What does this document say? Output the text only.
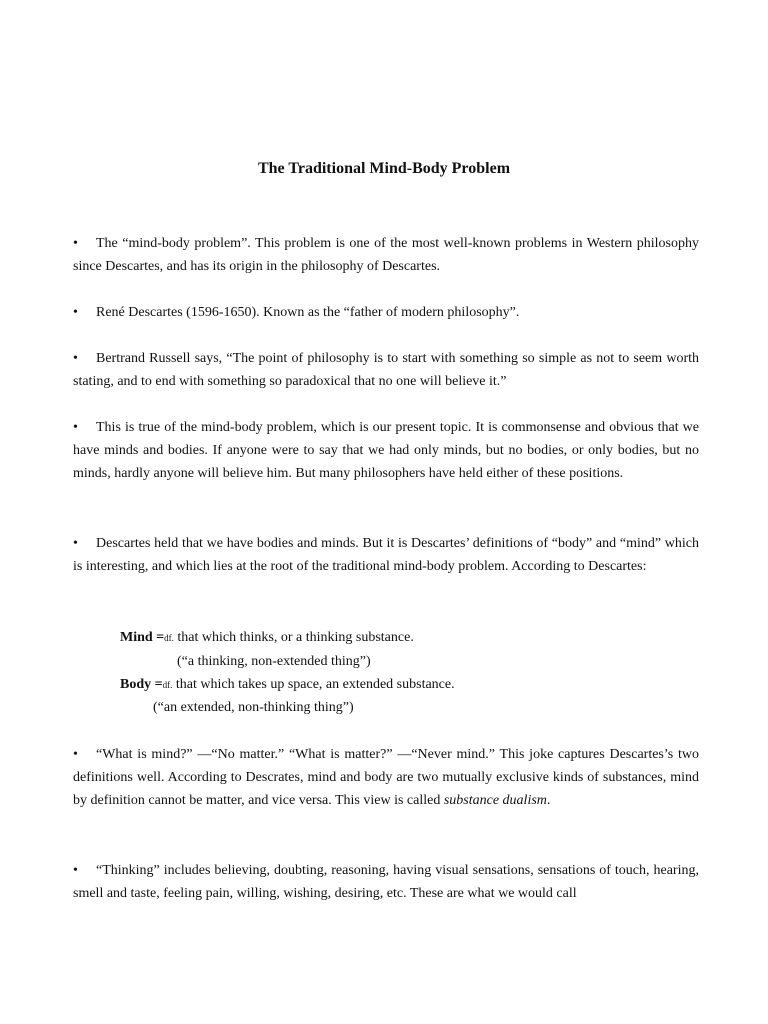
The Traditional Mind-Body Problem
• The “mind-body problem”. This problem is one of the most well-known problems in Western philosophy since Descartes, and has its origin in the philosophy of Descartes.
• René Descartes (1596-1650). Known as the “father of modern philosophy”.
• Bertrand Russell says, “The point of philosophy is to start with something so simple as not to seem worth stating, and to end with something so paradoxical that no one will believe it.”
• This is true of the mind-body problem, which is our present topic. It is commonsense and obvious that we have minds and bodies. If anyone were to say that we had only minds, but no bodies, or only bodies, but no minds, hardly anyone will believe him. But many philosophers have held either of these positions.
• Descartes held that we have bodies and minds. But it is Descartes’ definitions of “body” and “mind” which is interesting, and which lies at the root of the traditional mind-body problem. According to Descartes:
Mind =df. that which thinks, or a thinking substance.
(“a thinking, non-extended thing”)
Body =df. that which takes up space, an extended substance.
(“an extended, non-thinking thing”)
• “What is mind?” —“No matter.” “What is matter?” —“Never mind.” This joke captures Descartes’s two definitions well. According to Descrates, mind and body are two mutually exclusive kinds of substances, mind by definition cannot be matter, and vice versa. This view is called substance dualism.
• “Thinking” includes believing, doubting, reasoning, having visual sensations, sensations of touch, hearing, smell and taste, feeling pain, willing, wishing, desiring, etc. These are what we would call
